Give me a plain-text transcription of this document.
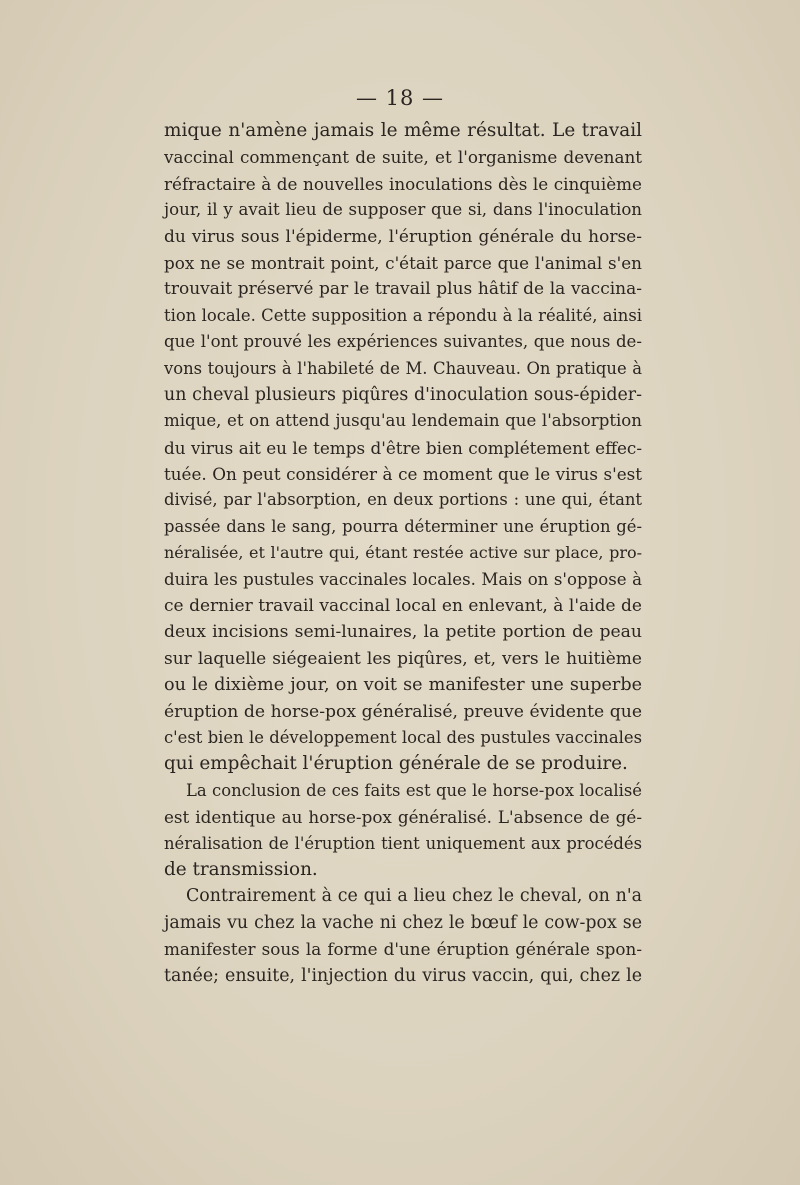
— 18 —
mique n'amène jamais le même résultat. Le travail
vaccinal commençant de suite, et l'organisme devenant
réfractaire à de nouvelles inoculations dès le cinquième
jour, il y avait lieu de supposer que si, dans l'inoculation
du virus sous l'épiderme, l'éruption générale du horse-
pox ne se montrait point, c'était parce que l'animal s'en
trouvait préservé par le travail plus hâtif de la vaccina-
tion locale. Cette supposition a répondu à la réalité, ainsi
que l'ont prouvé les expériences suivantes, que nous de-
vons toujours à l'habileté de M. Chauveau. On pratique à
un cheval plusieurs piqûres d'inoculation sous-épider-
mique, et on attend jusqu'au lendemain que l'absorption
du virus ait eu le temps d'être bien complétement effec-
tuée. On peut considérer à ce moment que le virus s'est
divisé, par l'absorption, en deux portions : une qui, étant
passée dans le sang, pourra déterminer une éruption gé-
néralisée, et l'autre qui, étant restée active sur place, pro-
duira les pustules vaccinales locales. Mais on s'oppose à
ce dernier travail vaccinal local en enlevant, à l'aide de
deux incisions semi-lunaires, la petite portion de peau
sur laquelle siégeaient les piqûres, et, vers le huitième
ou le dixième jour, on voit se manifester une superbe
éruption de horse-pox généralisé, preuve évidente que
c'est bien le développement local des pustules vaccinales
qui empêchait l'éruption générale de se produire.
La conclusion de ces faits est que le horse-pox localisé
est identique au horse-pox généralisé. L'absence de gé-
néralisation de l'éruption tient uniquement aux procédés
de transmission.
Contrairement à ce qui a lieu chez le cheval, on n'a
jamais vu chez la vache ni chez le bœuf le cow-pox se
manifester sous la forme d'une éruption générale spon-
tanée; ensuite, l'injection du virus vaccin, qui, chez le
